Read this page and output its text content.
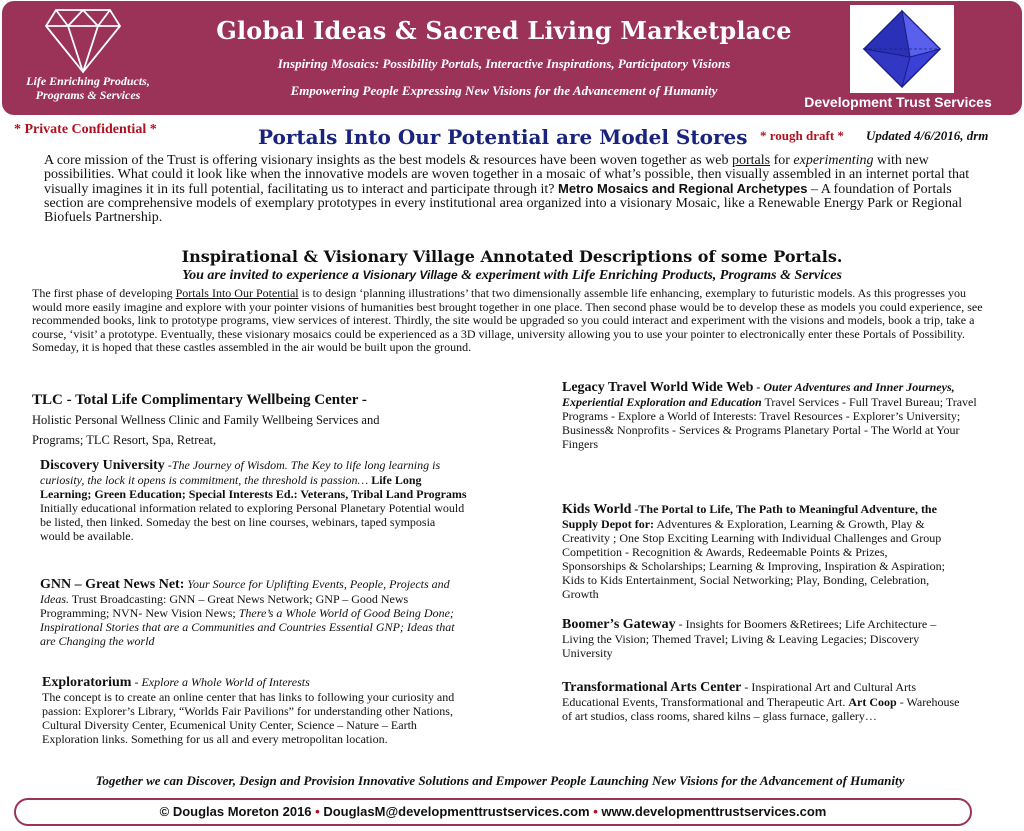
Life Enriching Products, Programs & Services
Global Ideas & Sacred Living Marketplace
Inspiring Mosaics: Possibility Portals, Interactive Inspirations, Participatory Visions
Empowering People Expressing New Visions for the Advancement of Humanity
Development Trust Services
* Private Confidential *	Portals Into Our Potential are Model Stores * rough draft * Updated 4/6/2016, drm
A core mission of the Trust is offering visionary insights as the best models & resources have been woven together as web portals for experimenting with new possibilities. What could it look like when the innovative models are woven together in a mosaic of what’s possible, then visually assembled in an internet portal that visually imagines it in its full potential, facilitating us to interact and participate through it? Metro Mosaics and Regional Archetypes – A foundation of Portals section are comprehensive models of exemplary prototypes in every institutional area organized into a visionary Mosaic, like a Renewable Energy Park or Regional Biofuels Partnership.
Inspirational & Visionary Village Annotated Descriptions of some Portals.
You are invited to experience a Visionary Village & experiment with Life Enriching Products, Programs & Services
The first phase of developing Portals Into Our Potential is to design ‘planning illustrations’ that two dimensionally assemble life enhancing, exemplary to futuristic models. As this progresses you would more easily imagine and explore with your pointer visions of humanities best brought together in one place. Then second phase would be to develop these as models you could experience, see recommended books, link to prototype programs, view services of interest. Thirdly, the site would be upgraded so you could interact and experiment with the visions and models, book a trip, take a course, ‘visit’ a prototype. Eventually, these visionary mosaics could be experienced as a 3D village, university allowing you to use your pointer to electronically enter these Portals of Possibility. Someday, it is hoped that these castles assembled in the air would be built upon the ground.
TLC - Total Life Complimentary Wellbeing Center -
Holistic Personal Wellness Clinic and Family Wellbeing Services and Programs; TLC Resort, Spa, Retreat,
Discovery University -The Journey of Wisdom. The Key to life long learning is curiosity, the lock it opens is commitment, the threshold is passion… Life Long Learning; Green Education; Special Interests Ed.: Veterans, Tribal Land Programs Initially educational information related to exploring Personal Planetary Potential would be listed, then linked. Someday the best on line courses, webinars, taped symposia would be available.
GNN – Great News Net: Your Source for Uplifting Events, People, Projects and Ideas. Trust Broadcasting: GNN – Great News Network; GNP – Good News Programming; NVN- New Vision News; There’s a Whole World of Good Being Done; Inspirational Stories that are a Communities and Countries Essential GNP; Ideas that are Changing the world
Exploratorium - Explore a Whole World of Interests
The concept is to create an online center that has links to following your curiosity and passion: Explorer’s Library, “Worlds Fair Pavilions” for understanding other Nations, Cultural Diversity Center, Ecumenical Unity Center, Science – Nature – Earth Exploration links. Something for us all and every metropolitan location.
Legacy Travel World Wide Web - Outer Adventures and Inner Journeys, Experiential Exploration and Education Travel Services - Full Travel Bureau; Travel Programs - Explore a World of Interests: Travel Resources - Explorer’s University; Business& Nonprofits - Services & Programs Planetary Portal - The World at Your Fingers
Kids World -The Portal to Life, The Path to Meaningful Adventure, the Supply Depot for: Adventures & Exploration, Learning & Growth, Play & Creativity ; One Stop Exciting Learning with Individual Challenges and Group Competition - Recognition & Awards, Redeemable Points & Prizes, Sponsorships & Scholarships; Learning & Improving, Inspiration & Aspiration; Kids to Kids Entertainment, Social Networking; Play, Bonding, Celebration, Growth
Boomer’s Gateway - Insights for Boomers &Retirees; Life Architecture – Living the Vision; Themed Travel; Living & Leaving Legacies; Discovery University
Transformational Arts Center - Inspirational Art and Cultural Arts Educational Events, Transformational and Therapeutic Art. Art Coop - Warehouse of art studios, class rooms, shared kilns – glass furnace, gallery…
Together we can Discover, Design and Provision Innovative Solutions and Empower People Launching New Visions for the Advancement of Humanity
© Douglas Moreton 2016 • DouglasM@developmenttrustservices.com • www.developmenttrustservices.com
